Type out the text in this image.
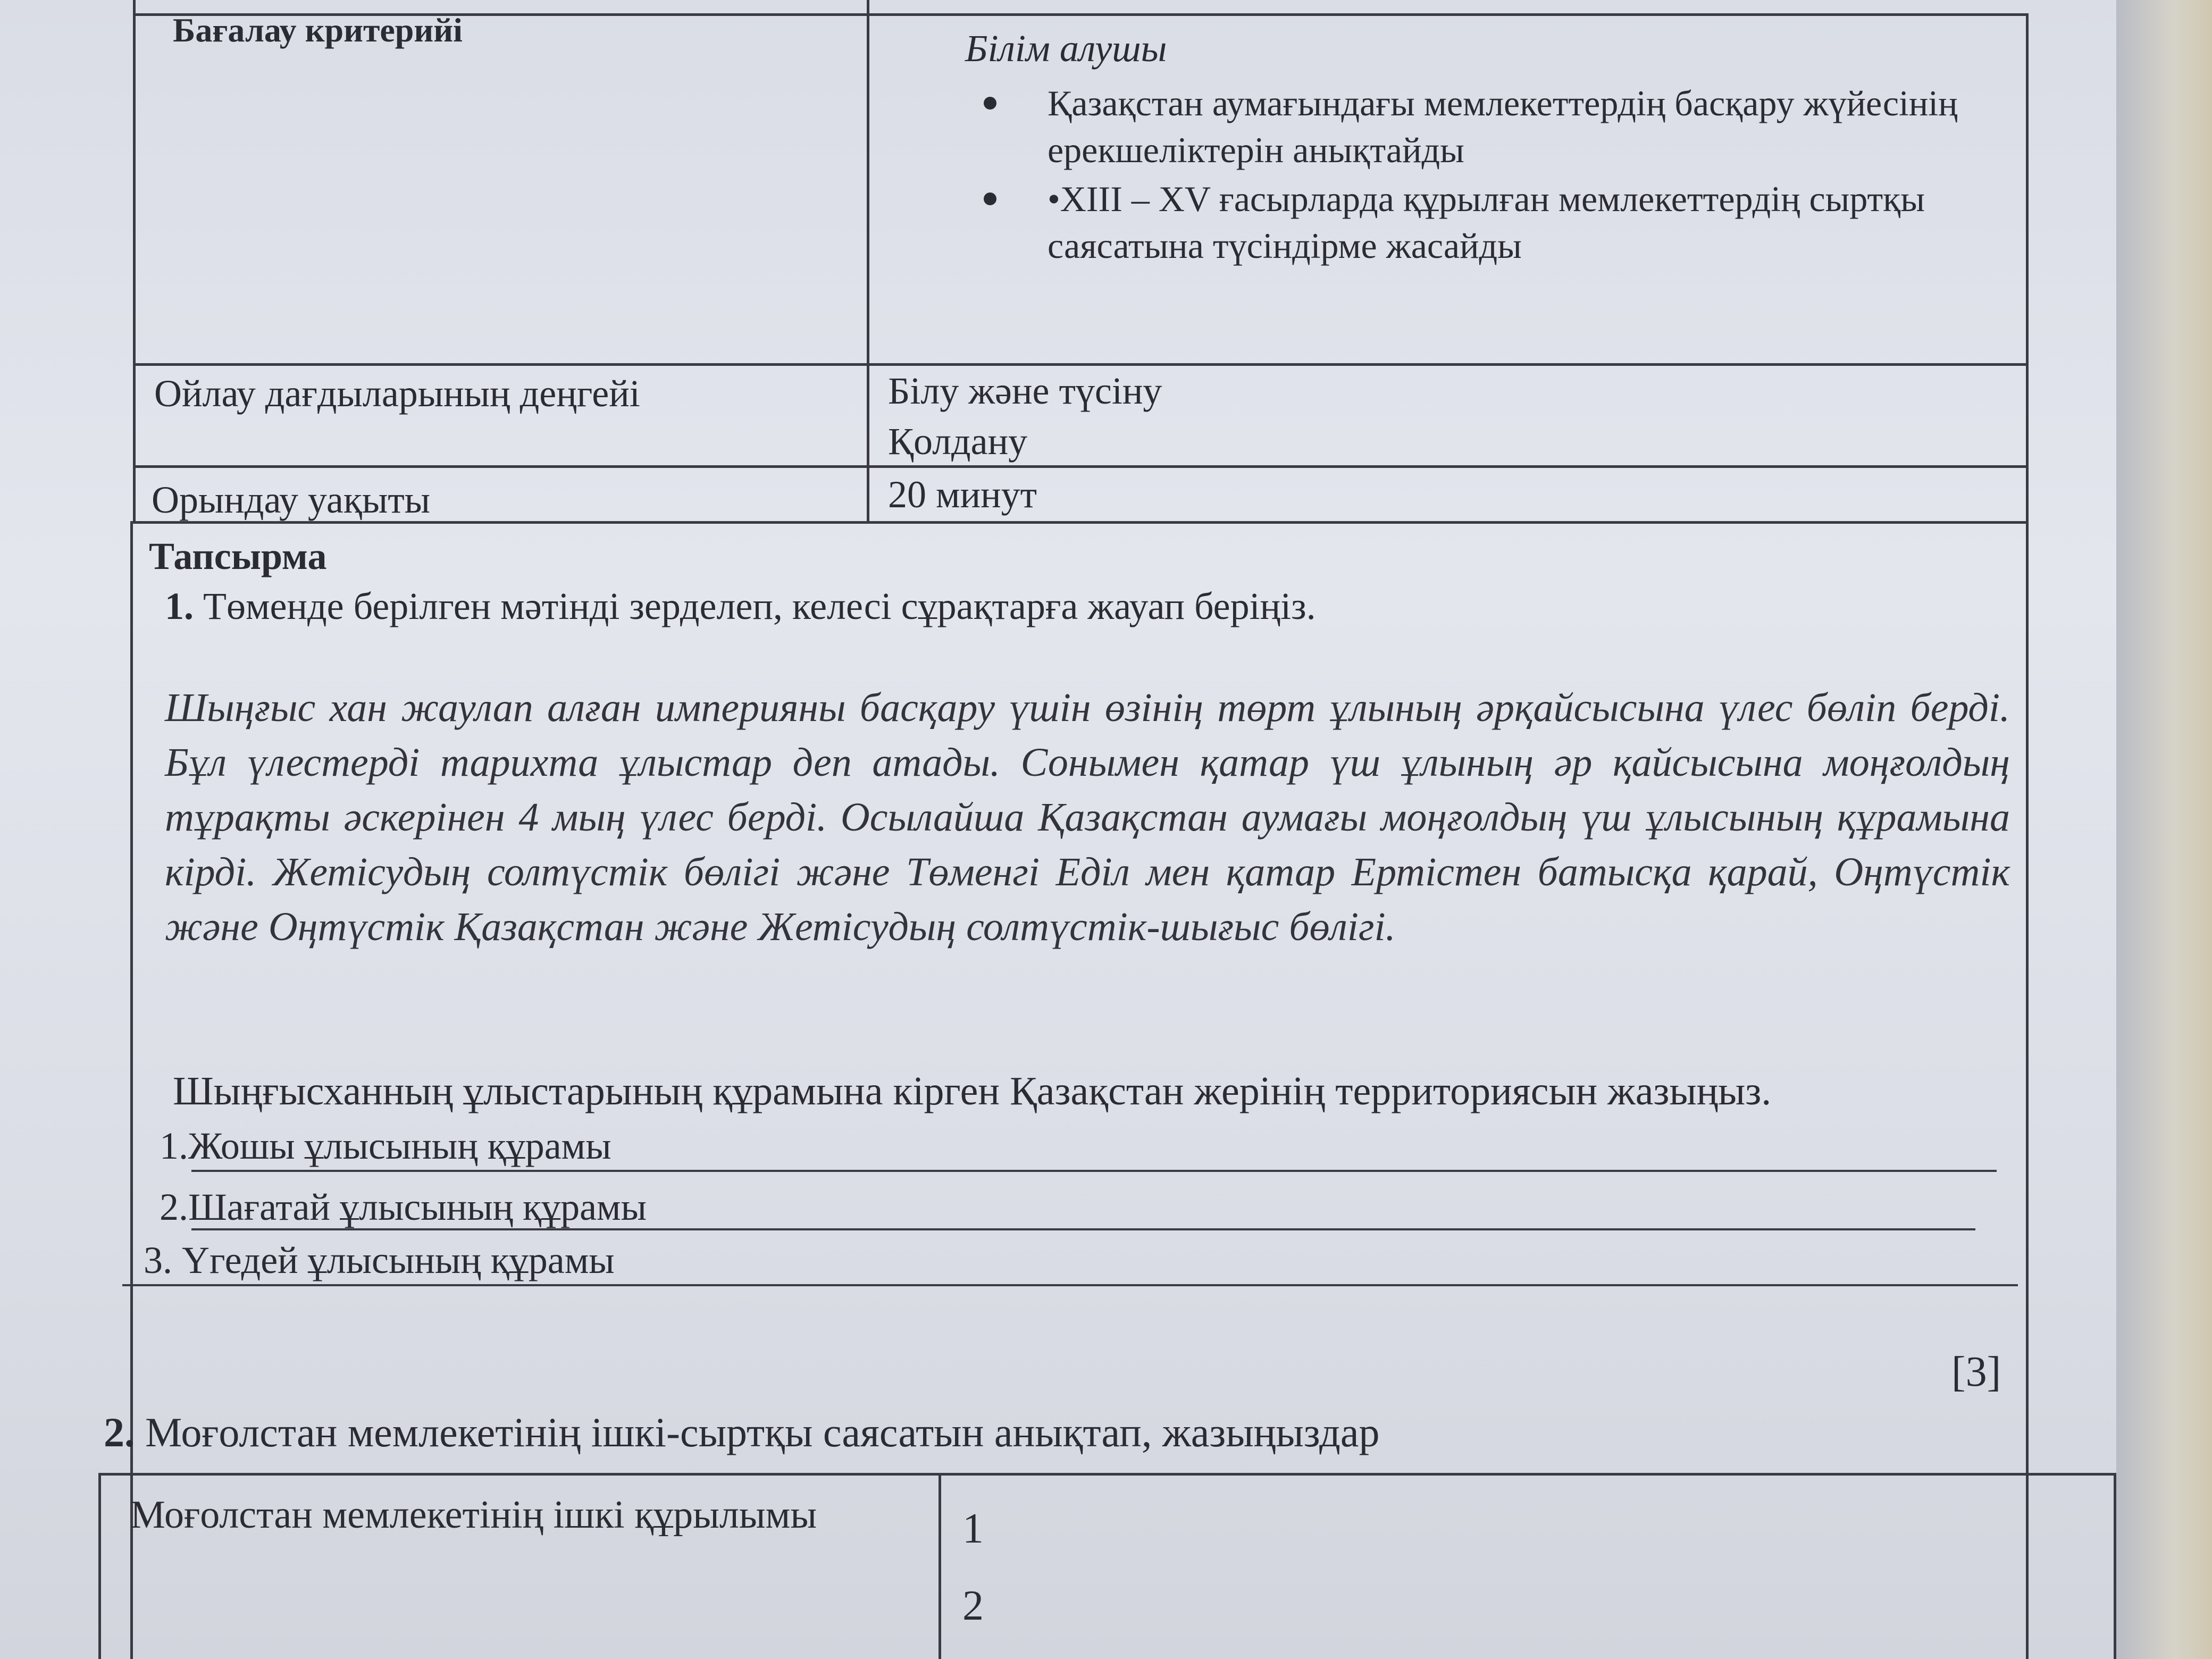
Бағалау критерийі	Білім алушы
Қазақстан аумағындағы мемлекеттердің басқару жүйесінің ерекшеліктерін анықтайды
•XIII – XV ғасырларда құрылған мемлекеттердің сыртқы саясатына түсіндірме жасайды
Ойлау дағдыларының деңгейі	Білу және түсіну
Қолдану
Орындау уақыты	20 минут
Тапсырма
1. Төменде берілген мәтінді зерделеп, келесі сұрақтарға жауап беріңіз.
Шыңғыс хан жаулап алған империяны басқару үшін өзінің төрт ұлының әрқайсысына үлес бөліп берді. Бұл үлестерді тарихта ұлыстар деп атады. Сонымен қатар үш ұлының әр қайсысына моңғолдың тұрақты әскерінен 4 мың үлес берді. Осылайша Қазақстан аумағы моңғолдың үш ұлысының құрамына кірді. Жетісудың солтүстік бөлігі және Төменгі Еділ мен қатар Ертістен батысқа қарай, Оңтүстік және Оңтүстік Қазақстан және Жетісудың солтүстік-шығыс бөлігі.
Шыңғысханның ұлыстарының құрамына кірген Қазақстан жерінің территориясын жазыңыз.
1.Жошы ұлысының құрамы
2.Шағатай ұлысының құрамы
3. Үгедей ұлысының құрамы
[3]
2. Моғолстан мемлекетінің ішкі-сыртқы саясатын анықтап, жазыңыздар
Моғолстан мемлекетінің ішкі құрылымы	1
2
